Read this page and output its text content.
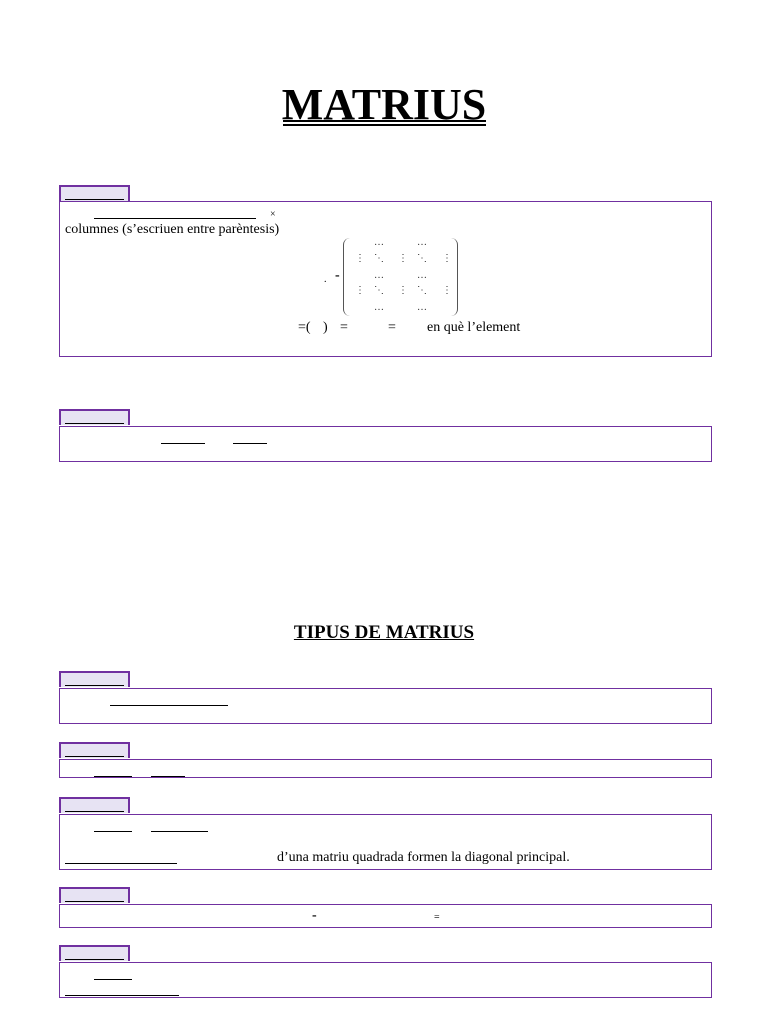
MATRIUS
×
columnes (s’escriuen entre parèntesis)
. -
…	…
⋮ ⋱ ⋮ ⋱ ⋮
…	…
⋮ ⋱ ⋮ ⋱ ⋮
…	…
=( ) =	= en què l’element
TIPUS DE MATRIUS
d’una matriu quadrada formen la diagonal principal.
-	=
